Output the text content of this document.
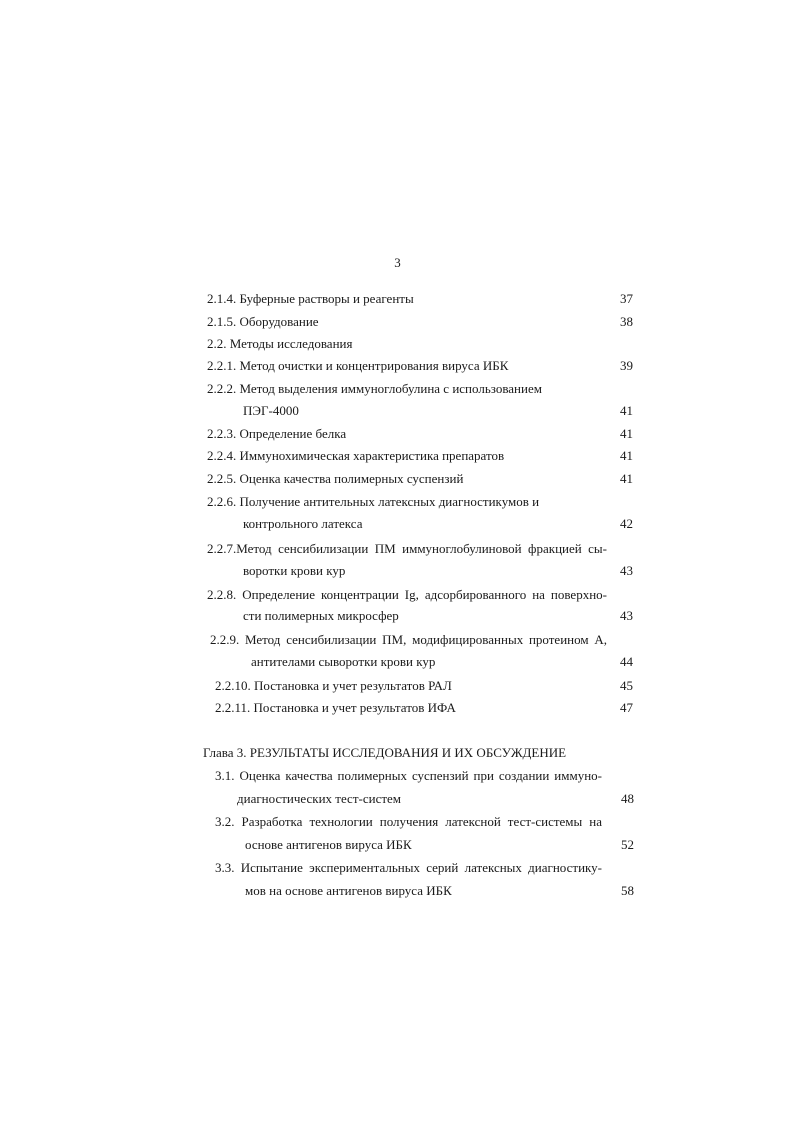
3
2.1.4. Буферные растворы и реагенты	37
2.1.5. Оборудование	38
2.2. Методы исследования
2.2.1. Метод очистки и концентрирования вируса ИБК	39
2.2.2. Метод выделения иммуноглобулина с использованием
ПЭГ-4000	41
2.2.3. Определение белка	41
2.2.4. Иммунохимическая характеристика препаратов	41
2.2.5. Оценка качества полимерных суспензий	41
2.2.6. Получение антительных латексных диагностикумов и
контрольного латекса	42
2.2.7.Метод сенсибилизации ПМ иммуноглобулиновой фракцией сы-
воротки крови кур	43
2.2.8. Определение концентрации Ig, адсорбированного на поверхно-
сти полимерных микросфер	43
2.2.9. Метод сенсибилизации ПМ, модифицированных протеином А,
антителами сыворотки крови кур	44
2.2.10. Постановка и учет результатов РАЛ	45
2.2.11. Постановка и учет результатов ИФА	47
Глава 3. РЕЗУЛЬТАТЫ ИССЛЕДОВАНИЯ И ИХ ОБСУЖДЕНИЕ
3.1. Оценка качества полимерных суспензий при создании иммуно-
диагностических тест-систем	48
3.2. Разработка технологии получения латексной тест-системы на
основе антигенов вируса ИБК	52
3.3. Испытание экспериментальных серий латексных диагностику-
мов на основе антигенов вируса ИБК	58
